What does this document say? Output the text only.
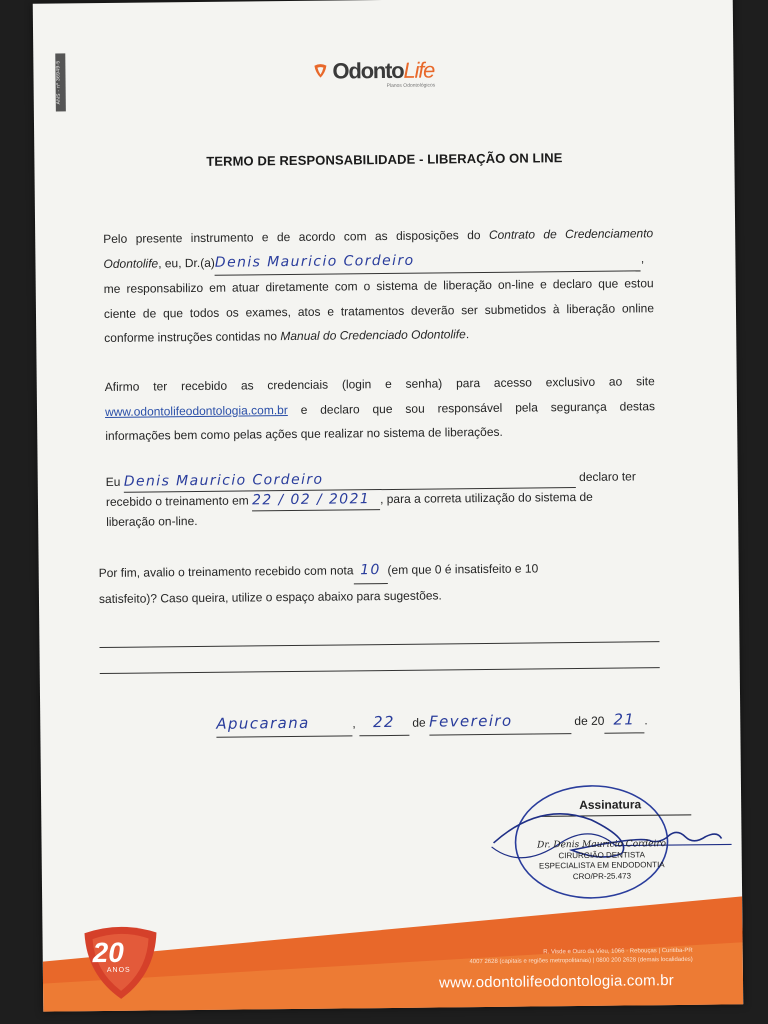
ANS - nº 36949-5	OdontoLife
Planos Odontológicos
TERMO DE RESPONSABILIDADE - LIBERAÇÃO ON LINE
Pelo presente instrumento e de acordo com as disposições do Contrato de Credenciamento
Odontolife, eu, Dr.(a)Denis Mauricio Cordeiro	,
me responsabilizo em atuar diretamente com o sistema de liberação on-line e declaro que estou
ciente de que todos os exames, atos e tratamentos deverão ser submetidos à liberação online
conforme instruções contidas no Manual do Credenciado Odontolife.
Afirmo ter recebido as credenciais (login e senha) para acesso exclusivo ao site
www.odontolifeodontologia.com.br e declaro que sou responsável pela segurança destas
informações bem como pelas ações que realizar no sistema de liberações.
Eu Denis Mauricio Cordeiro	declaro ter
recebido o treinamento em 22 / 02 / 2021 , para a correta utilização do sistema de
liberação on-line.
Por fim, avalio o treinamento recebido com nota 10 (em que 0 é insatisfeito e 10
satisfeito)? Caso queira, utilize o espaço abaixo para sugestões.
Apucarana	, 22 de Fevereiro	de 20 21 .
Assinatura
Dr. Denis Mauricio Cordeiro
CIRURGIÃO DENTISTA
ESPECIALISTA EM ENDODONTIA
CRO/PR-25.473
20
ANOS
R. Visde e Ouro da Vieu, 1066 · Rebouças | Curitiba-PR
4007 2628 (capitais e regiões metropolitanas) | 0800 200 2628 (demais localidades)
www.odontolifeodontologia.com.br
